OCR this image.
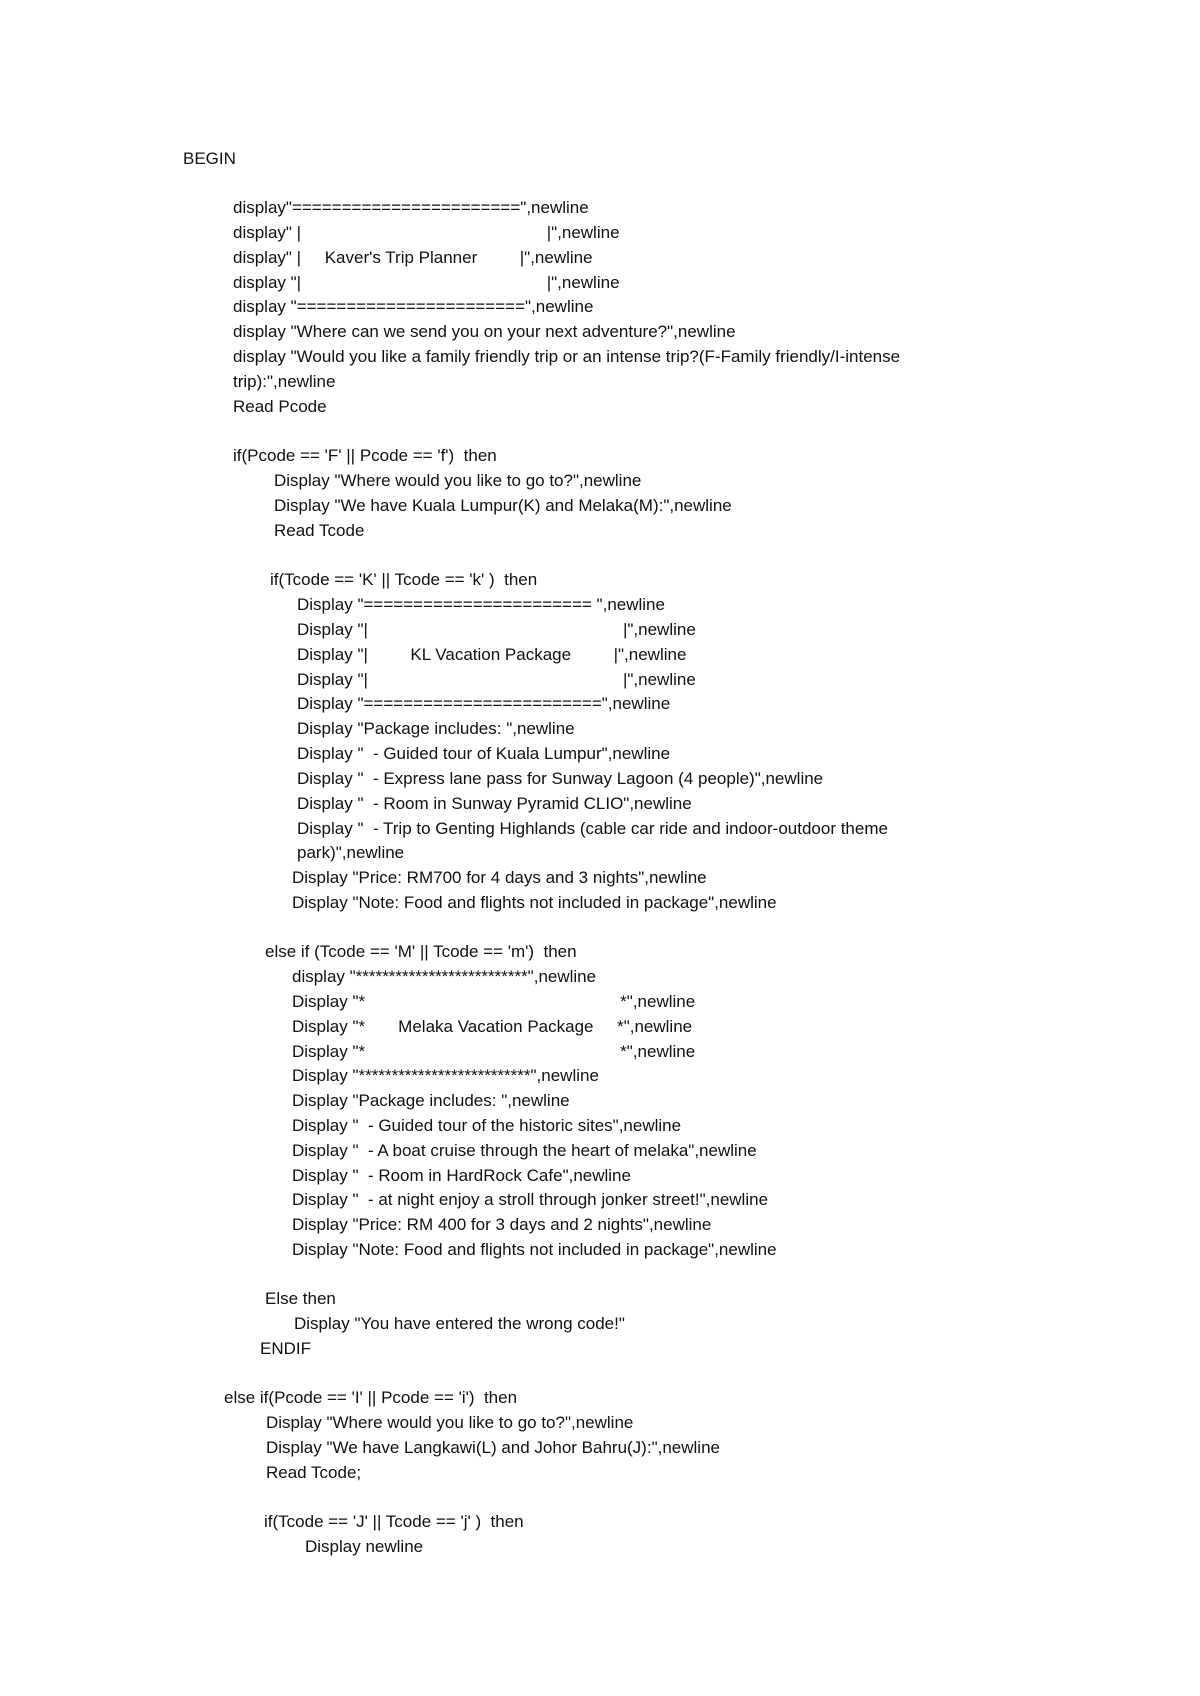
BEGIN
display"=======================",newline
display" |                                                    |",newline
display" |     Kaver's Trip Planner         |",newline
display "|                                                    |",newline
display "=======================",newline
display "Where can we send you on your next adventure?",newline
display "Would you like a family friendly trip or an intense trip?(F-Family friendly/I-intense
trip):",newline
Read Pcode
if(Pcode == 'F' || Pcode == 'f')  then
Display "Where would you like to go to?",newline
Display "We have Kuala Lumpur(K) and Melaka(M):",newline
Read Tcode
if(Tcode == 'K' || Tcode == 'k' )  then
Display "======================= ",newline
Display "|                                                      |",newline
Display "|         KL Vacation Package         |",newline
Display "|                                                      |",newline
Display "========================",newline
Display "Package includes: ",newline
Display "  - Guided tour of Kuala Lumpur",newline
Display "  - Express lane pass for Sunway Lagoon (4 people)",newline
Display "  - Room in Sunway Pyramid CLIO",newline
Display "  - Trip to Genting Highlands (cable car ride and indoor-outdoor theme
park)",newline
Display "Price: RM700 for 4 days and 3 nights",newline
Display "Note: Food and flights not included in package",newline
else if (Tcode == 'M' || Tcode == 'm')  then
display "**************************",newline
Display "*                                                      *",newline
Display "*       Melaka Vacation Package     *",newline
Display "*                                                      *",newline
Display "**************************",newline
Display "Package includes: ",newline
Display "  - Guided tour of the historic sites",newline
Display "  - A boat cruise through the heart of melaka",newline
Display "  - Room in HardRock Cafe",newline
Display "  - at night enjoy a stroll through jonker street!",newline
Display "Price: RM 400 for 3 days and 2 nights",newline
Display "Note: Food and flights not included in package",newline
Else then
Display "You have entered the wrong code!"
ENDIF
else if(Pcode == 'I' || Pcode == 'i')  then
Display "Where would you like to go to?",newline
Display "We have Langkawi(L) and Johor Bahru(J):",newline
Read Tcode;
if(Tcode == 'J' || Tcode == 'j' )  then
Display newline
